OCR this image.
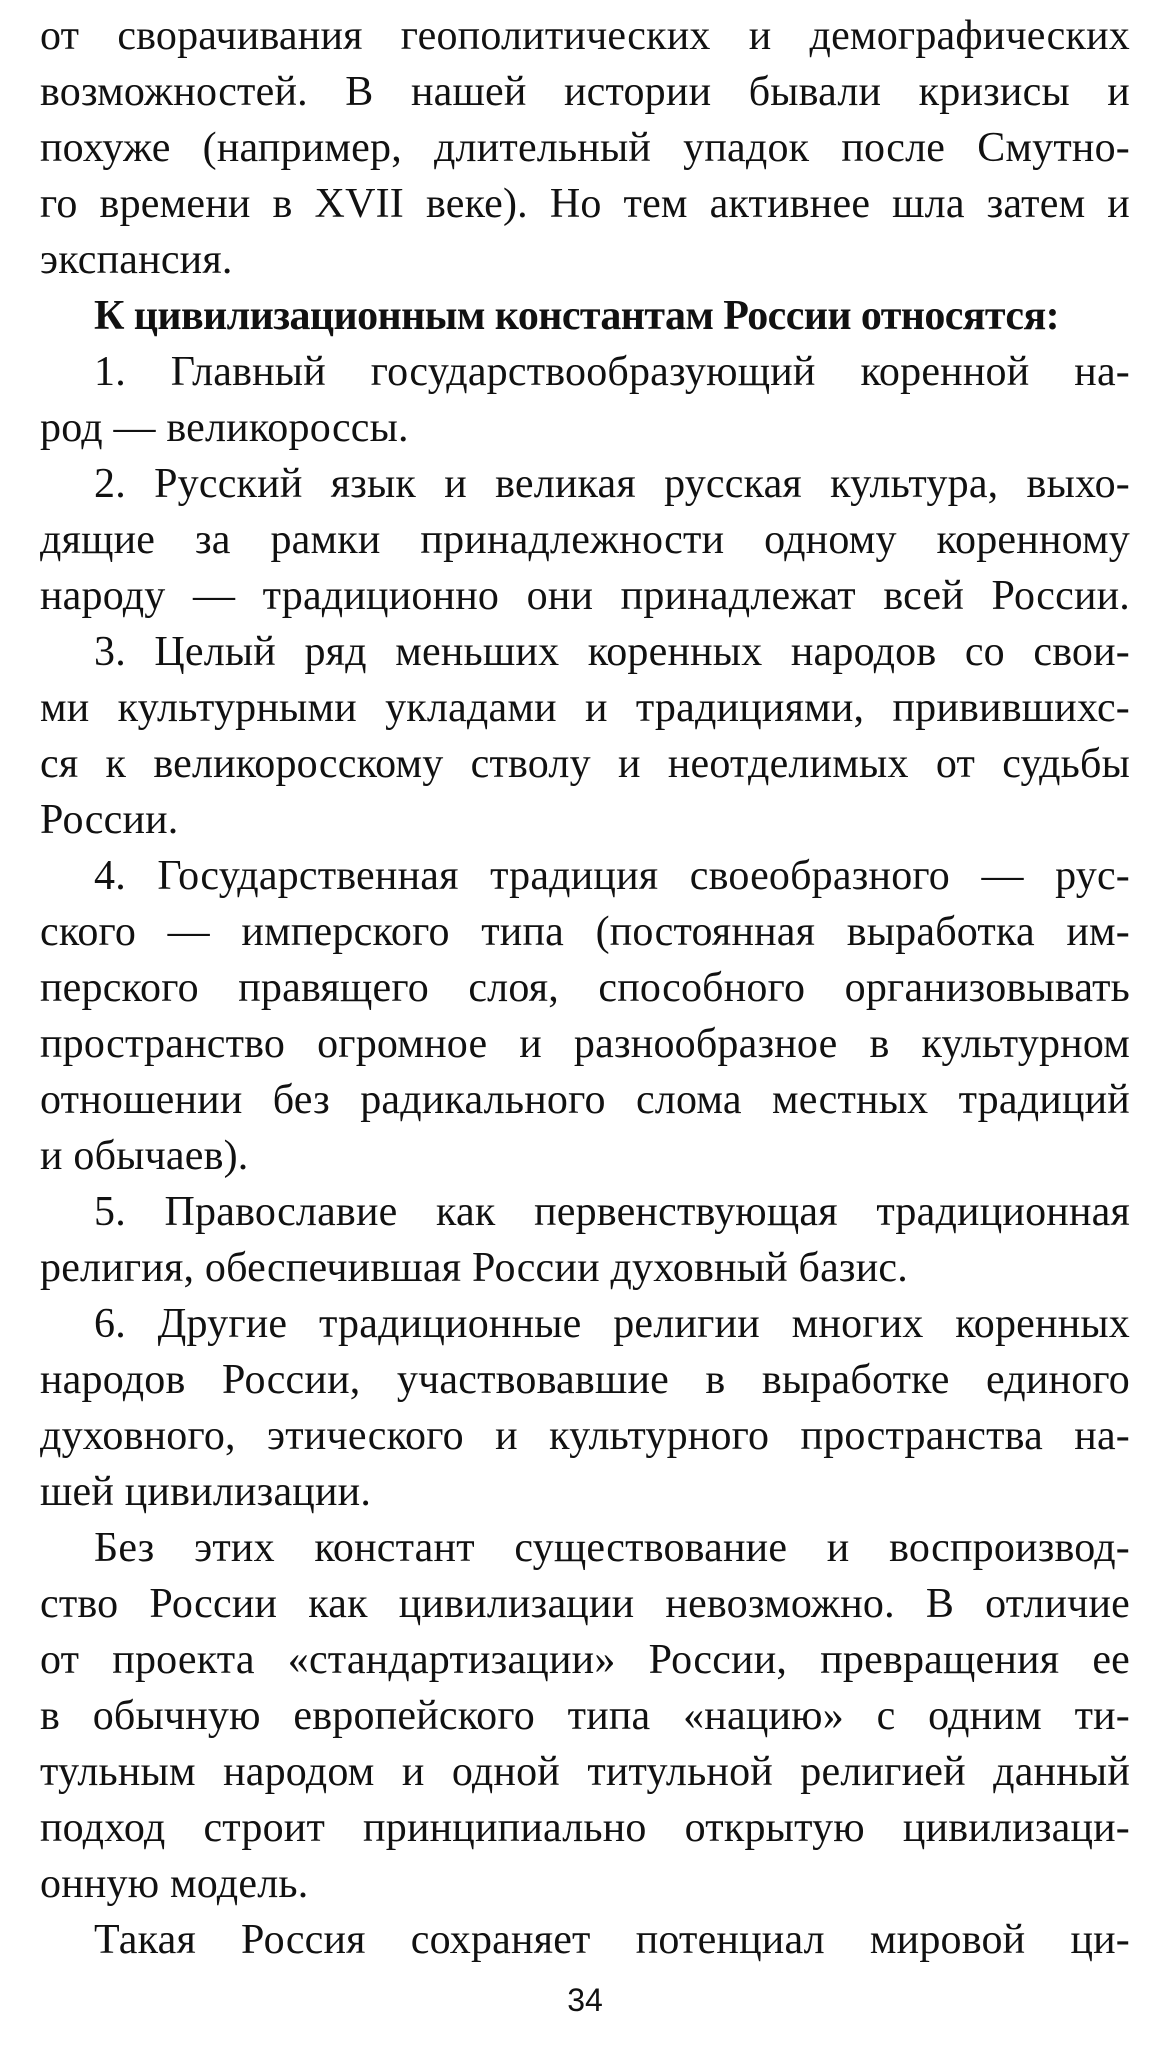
от сворачивания геополитических и демографических
возможностей. В нашей истории бывали кризисы и
похуже (например, длительный упадок после Смутно-
го времени в XVII веке). Но тем активнее шла затем и
экспансия.
К цивилизационным константам России относятся:
1. Главный государствообразующий коренной на-
род — великороссы.
2. Русский язык и великая русская культура, выхо-
дящие за рамки принадлежности одному коренному
народу — традиционно они принадлежат всей России.
3. Целый ряд меньших коренных народов со свои-
ми культурными укладами и традициями, привившихс-
ся к великоросскому стволу и неотделимых от судьбы
России.
4. Государственная традиция своеобразного — рус-
ского — имперского типа (постоянная выработка им-
перского правящего слоя, способного организовывать
пространство огромное и разнообразное в культурном
отношении без радикального слома местных традиций
и обычаев).
5. Православие как первенствующая традиционная
религия, обеспечившая России духовный базис.
6. Другие традиционные религии многих коренных
народов России, участвовавшие в выработке единого
духовного, этического и культурного пространства на-
шей цивилизации.
Без этих констант существование и воспроизвод-
ство России как цивилизации невозможно. В отличие
от проекта «стандартизации» России, превращения ее
в обычную европейского типа «нацию» с одним ти-
тульным народом и одной титульной религией данный
подход строит принципиально открытую цивилизаци-
онную модель.
Такая Россия сохраняет потенциал мировой ци-
34
